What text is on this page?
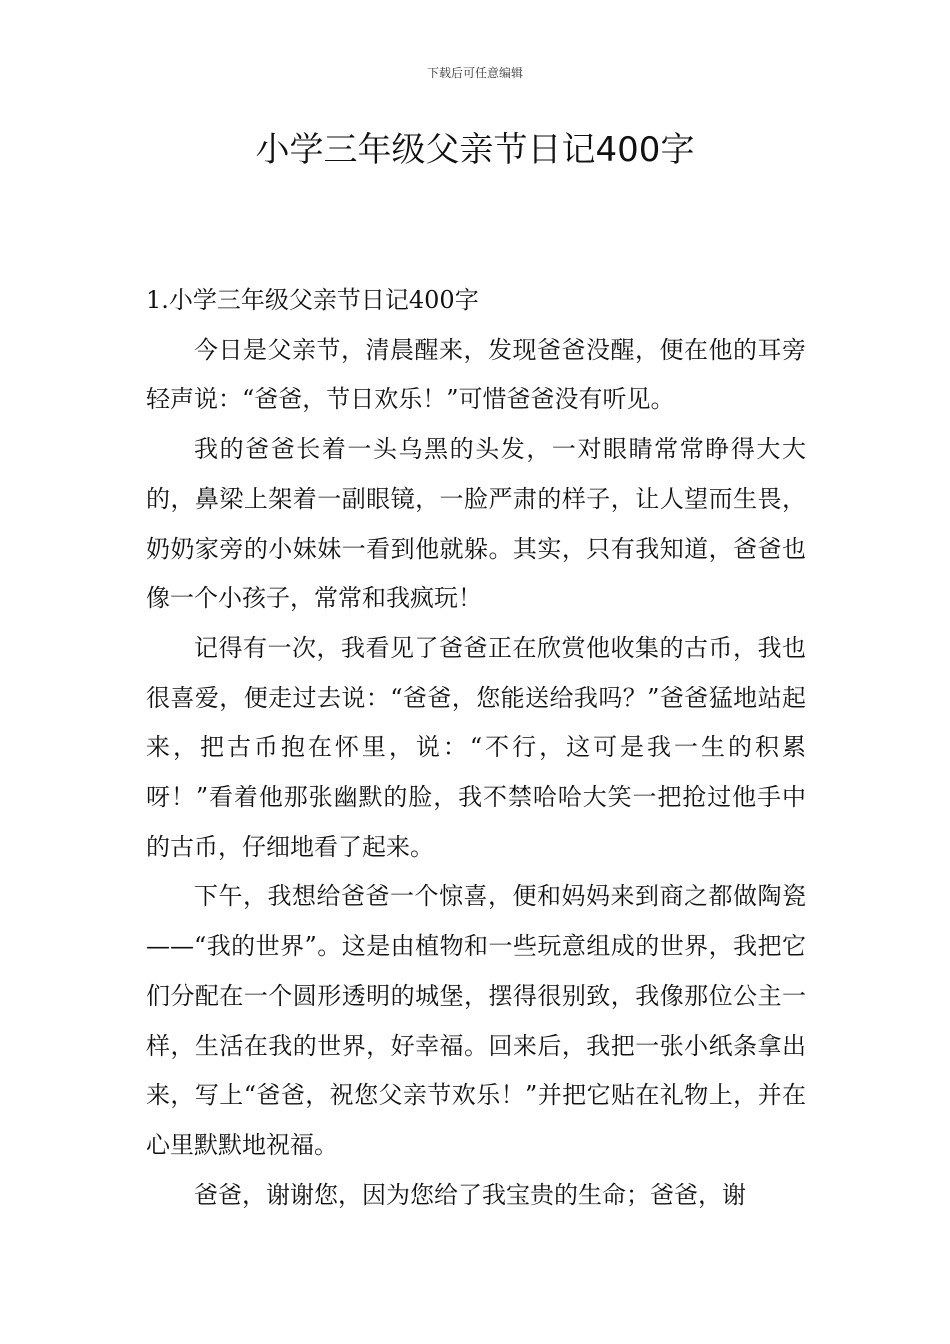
下载后可任意编辑
小学三年级父亲节日记400字

1.小学三年级父亲节日记400字

今日是父亲节，清晨醒来，发现爸爸没醒，便在他的耳旁轻声说：“爸爸，节日欢乐！”可惜爸爸没有听见。

我的爸爸长着一头乌黑的头发，一对眼睛常常睁得大大的，鼻梁上架着一副眼镜，一脸严肃的样子，让人望而生畏，奶奶家旁的小妹妹一看到他就躲。其实，只有我知道，爸爸也像一个小孩子，常常和我疯玩！

记得有一次，我看见了爸爸正在欣赏他收集的古币，我也很喜爱，便走过去说：“爸爸，您能送给我吗？”爸爸猛地站起来，把古币抱在怀里，说：“不行，这可是我一生的积累呀！”看着他那张幽默的脸，我不禁哈哈大笑一把抢过他手中的古币，仔细地看了起来。

下午，我想给爸爸一个惊喜，便和妈妈来到商之都做陶瓷——“我的世界”。这是由植物和一些玩意组成的世界，我把它们分配在一个圆形透明的城堡，摆得很别致，我像那位公主一样，生活在我的世界，好幸福。回来后，我把一张小纸条拿出来，写上“爸爸，祝您父亲节欢乐！”并把它贴在礼物上，并在心里默默地祝福。

爸爸，谢谢您，因为您给了我宝贵的生命；爸爸，谢
